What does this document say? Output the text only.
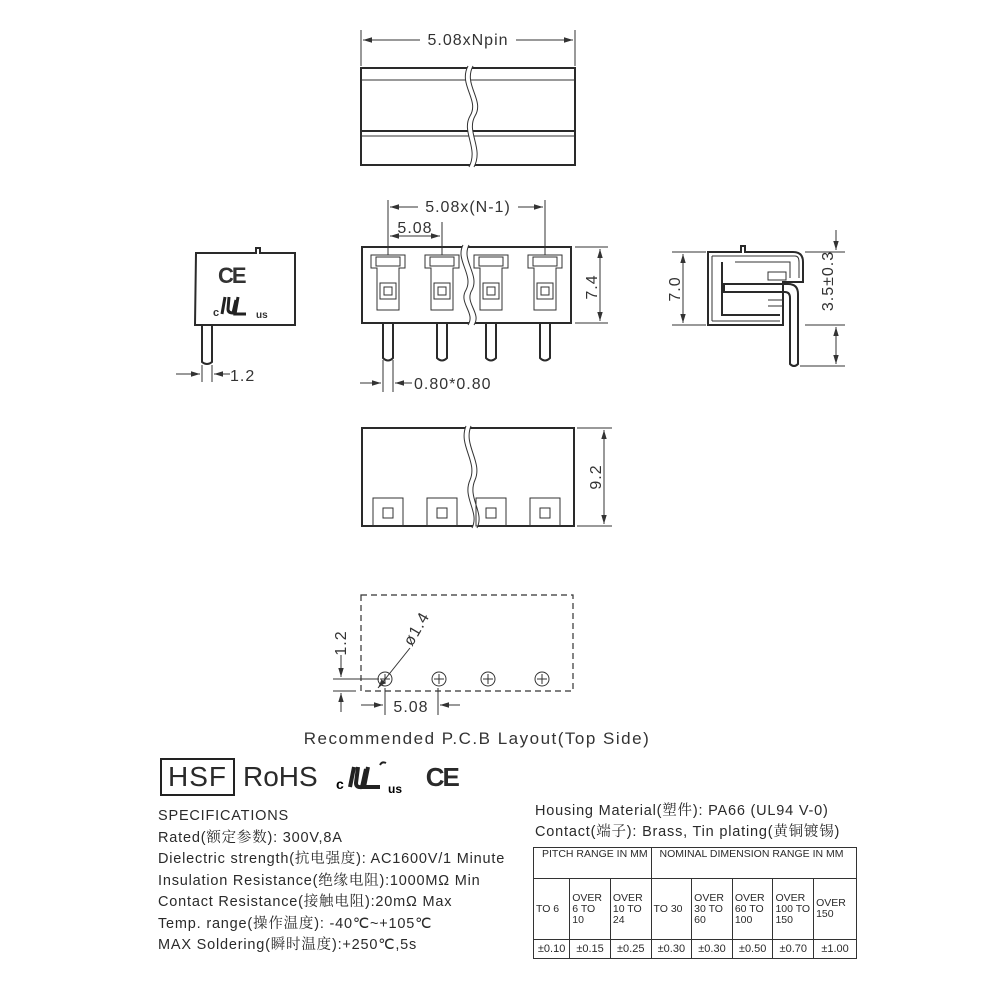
5.08xNpin
5.08x(N-1)
5.08
7.4
0.80*0.80
CE
c	us
1.2
7.0	3.5±0.3
9.2
1.2	ø1.4
5.08
Recommended P.C.B Layout(Top Side)
HSF RoHS c	us CE
SPECIFICATIONS
Rated(额定参数): 300V,8A
Dielectric strength(抗电强度): AC1600V/1 Minute
Insulation Resistance(绝缘电阻):1000MΩ Min
Contact Resistance(接触电阻):20mΩ Max
Temp. range(操作温度): -40℃~+105℃
MAX Soldering(瞬时温度):+250℃,5s
Housing Material(塑件): PA66 (UL94 V-0)
Contact(端子): Brass, Tin plating(黄铜镀锡)
PITCH RANGE IN MM			NOMINAL DIMENSION RANGE IN MM				
TO 6	OVER 6 TO 10	OVER 10 TO 24	TO 30	OVER 30 TO 60	OVER 60 TO 100	OVER 100 TO 150	OVER 150
±0.10	±0.15	±0.25	±0.30	±0.30	±0.50	±0.70	±1.00
